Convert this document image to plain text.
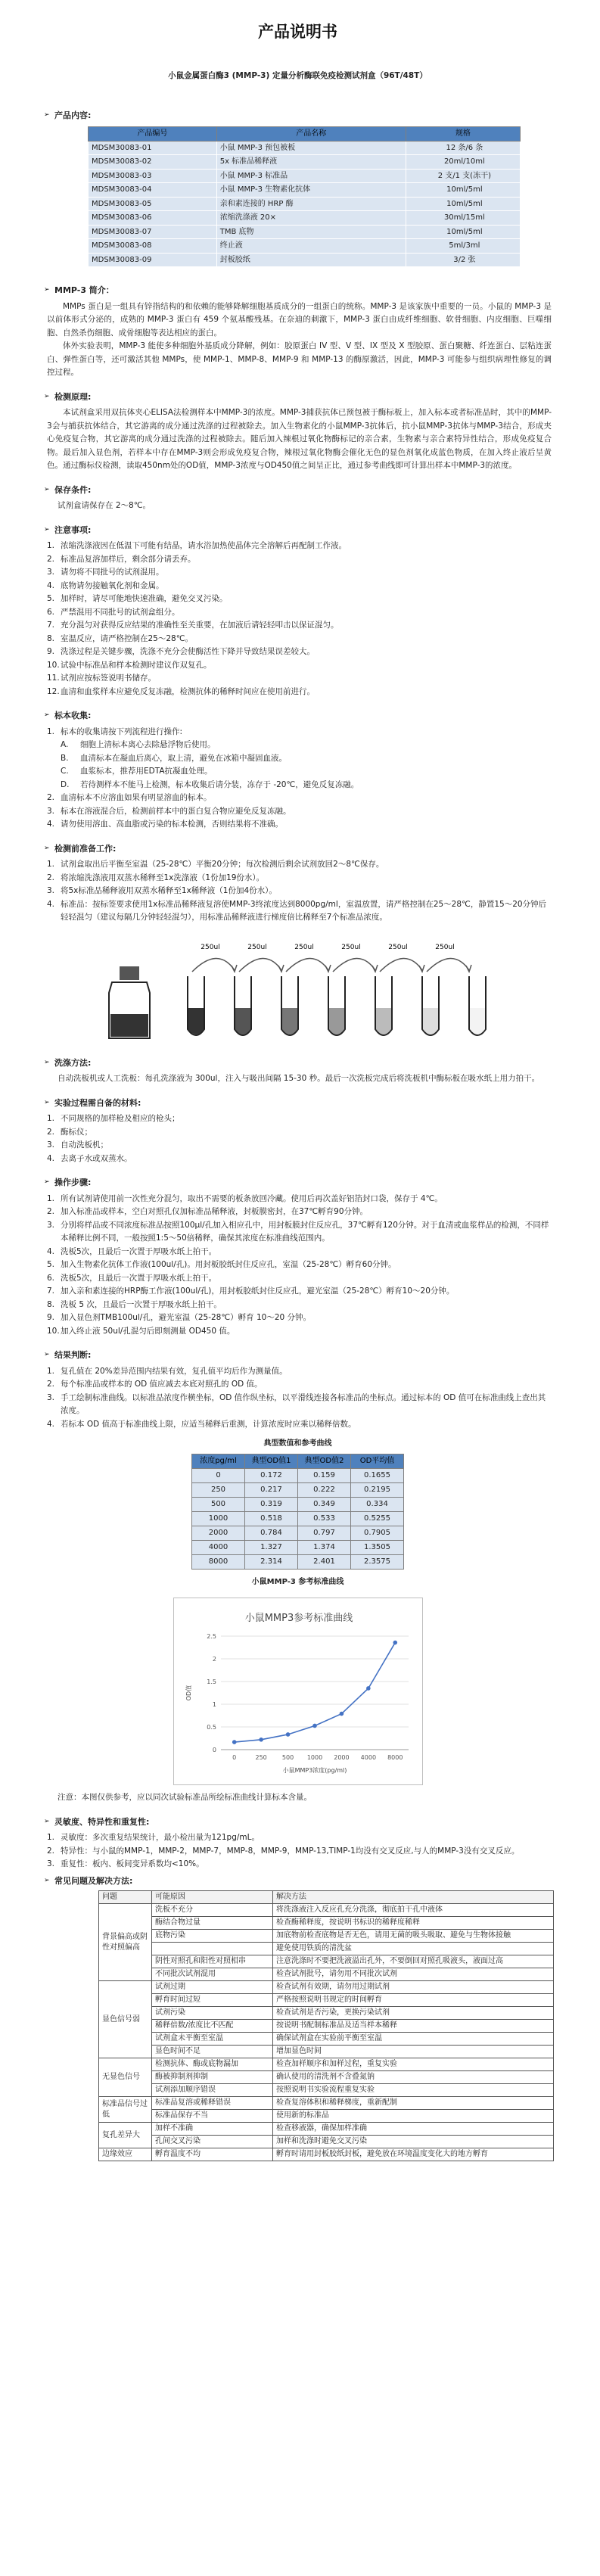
产品说明书
小鼠金属蛋白酶3 (MMP-3) 定量分析酶联免疫检测试剂盒（96T/48T）
➢ 产品内容:
产品编号	产品名称	规格
MDSM30083-01	小鼠 MMP-3 预包被板	12 条/6 条
MDSM30083-02	5x 标准品稀释液	20ml/10ml
MDSM30083-03	小鼠 MMP-3 标准品	2 支/1 支(冻干)
MDSM30083-04	小鼠 MMP-3 生物素化抗体	10ml/5ml
MDSM30083-05	亲和素连接的 HRP 酶	10ml/5ml
MDSM30083-06	浓缩洗涤液 20×	30ml/15ml
MDSM30083-07	TMB 底物	10ml/5ml
MDSM30083-08	终止液	5ml/3ml
MDSM30083-09	封板胶纸	3/2 张
➢ MMP-3 简介：
MMPs 蛋白是一组具有锌指结构的和依赖的能够降解细胞基质成分的一组蛋白的统称。MMP-3 是该家族中重要的一员。小鼠的 MMP-3 是以前体形式分泌的，成熟的 MMP-3 蛋白有 459 个氨基酸残基。在奈迪的刺激下，MMP-3 蛋白由成纤维细胞、软骨细胞、内皮细胞、巨噬细胞、自然杀伤细胞、成骨细胞等表达相应的蛋白。
体外实验表明，MMP-3 能使多种细胞外基质成分降解，例如：胶原蛋白 IV 型、V 型、IX 型及 X 型胶原、蛋白聚糖、纤连蛋白、层粘连蛋白、弹性蛋白等，还可激活其他 MMPs，使 MMP-1、MMP-8、MMP-9 和 MMP-13 的酶原激活，因此，MMP-3 可能参与组织病理性修复的调控过程。
➢ 检测原理:
本试剂盒采用双抗体夹心ELISA法检测样本中MMP-3的浓度。MMP-3捕获抗体已预包被于酶标板上，加入标本或者标准品时，其中的MMP-3会与捕获抗体结合，其它游离的成分通过洗涤的过程被除去。加入生物素化的小鼠MMP-3抗体后，抗小鼠MMP-3抗体与MMP-3结合，形成夹心免疫复合物，其它游离的成分通过洗涤的过程被除去。随后加入辣根过氧化物酶标记的亲合素，生物素与亲合素特异性结合，形成免疫复合物。最后加入显色剂，若样本中存在MMP-3则会形成免疫复合物，辣根过氧化物酶会催化无色的显色剂氧化成蓝色物质，在加入终止液后呈黄色。通过酶标仪检测，读取450nm处的OD值，MMP-3浓度与OD450值之间呈正比，通过参考曲线即可计算出样本中MMP-3的浓度。
➢ 保存条件:
试剂盒请保存在 2～8℃。
➢ 注意事项:
1. 浓缩洗涤液因在低温下可能有结晶，请水浴加热使晶体完全溶解后再配制工作液。
2. 标准品复溶加样后，剩余部分请丢弃。
3. 请勿将不同批号的试剂混用。
4. 底物请勿接触氧化剂和金属。
5. 加样时，请尽可能地快速准确，避免交叉污染。
6. 严禁混用不同批号的试剂盒组分。
7. 充分混匀对获得反应结果的准确性至关重要，在加液后请轻轻叩击以保证混匀。
8. 室温反应，请严格控制在25～28℃。
9. 洗涤过程是关键步骤，洗涤不充分会使酶活性下降并导致结果误差较大。
10. 试验中标准品和样本检测时建议作双复孔。
11. 试剂应按标签说明书储存。
12. 血清和血浆样本应避免反复冻融，检测抗体的稀释时间应在使用前进行。
➢ 标本收集:
1. 标本的收集请按下列流程进行操作:
A. 细胞上清标本离心去除悬浮物后使用。
B. 血清标本在凝血后离心，取上清，避免在冰箱中凝固血液。
C. 血浆标本，推荐用EDTA抗凝血处理。
D. 若待测样本不能马上检测，标本收集后请分装，冻存于 -20℃，避免反复冻融。
2. 血清标本不应溶血如果有明显溶血的标本。
3. 标本在溶液混合后，检测前样本中的蛋白复合物应避免反复冻融。
4. 请勿使用溶血、高血脂或污染的标本检测，否则结果将不准确。
➢ 检测前准备工作:
1. 试剂盒取出后平衡至室温（25-28℃）平衡20分钟；每次检测后剩余试剂放回2～8℃保存。
2. 将浓缩洗涤液用双蒸水稀释至1x洗涤液（1份加19份水）。
3. 将5x标准品稀释液用双蒸水稀释至1x稀释液（1份加4份水）。
4. 标准品：按标签要求使用1x标准品稀释液复溶使MMP-3终浓度达到8000pg/ml，室温放置，请严格控制在25～28℃，静置15～20分钟后轻轻混匀（建议每隔几分钟轻轻混匀），用标准品稀释液进行梯度倍比稀释至7个标准品浓度。
250ul	250ul	250ul	250ul	250ul	250ul
➢ 洗涤方法:
自动洗板机或人工洗板：每孔洗涤液为 300ul，注入与吸出间隔 15-30 秒。最后一次洗板完成后将洗板机中酶标板在吸水纸上用力拍干。
➢ 实验过程需自备的材料:
1. 不同规格的加样枪及相应的枪头；
2. 酶标仪；
3. 自动洗板机；
4. 去离子水或双蒸水。
➢ 操作步骤:
1. 所有试剂请使用前一次性充分混匀，取出不需要的板条放回冷藏。使用后再次盖好铝箔封口袋，保存于 4℃。
2. 加入标准品或样本，空白对照孔仅加标准品稀释液，封板膜密封，在37℃孵育90分钟。
3. 分别将样品或不同浓度标准品按照100μl/孔加入相应孔中，用封板膜封住反应孔，37℃孵育120分钟。对于血清或血浆样品的检测，不同样本稀释比例不同，一般按照1:5～50倍稀释，确保其浓度在标准曲线范围内。
4. 洗板5次，且最后一次置于厚吸水纸上拍干。
5. 加入生物素化抗体工作液(100ul/孔)。用封板胶纸封住反应孔，室温（25-28℃）孵育60分钟。
6. 洗板5次，且最后一次置于厚吸水纸上拍干。
7. 加入亲和素连接的HRP酶工作液(100ul/孔)，用封板胶纸封住反应孔，避光室温（25-28℃）孵育10～20分钟。
8. 洗板 5 次，且最后一次置于厚吸水纸上拍干。
9. 加入显色剂TMB100ul/孔，避光室温（25-28℃）孵育 10～20 分钟。
10. 加入终止液 50ul/孔混匀后即刻测量 OD450 值。
➢ 结果判断:
1. 复孔值在 20%差异范围内结果有效，复孔值平均后作为测量值。
2. 每个标准品或样本的 OD 值应减去本底对照孔的 OD 值。
3. 手工绘制标准曲线。以标准品浓度作横坐标，OD 值作纵坐标，以平滑线连接各标准品的坐标点。通过标本的 OD 值可在标准曲线上查出其浓度。
4. 若标本 OD 值高于标准曲线上限，应适当稀释后重测，计算浓度时应乘以稀释倍数。
典型数值和参考曲线
浓度pg/ml	典型OD值1	典型OD值2	OD平均值
0	0.172	0.159	0.1655
250	0.217	0.222	0.2195
500	0.319	0.349	0.334
1000	0.518	0.533	0.5255
2000	0.784	0.797	0.7905
4000	1.327	1.374	1.3505
8000	2.314	2.401	2.3575
小鼠MMP-3 参考标准曲线
小鼠MMP3参考标准曲线
0
0.5
1
1.5
2
2.5
0	250	500 1000 2000 4000 8000
小鼠MMP3浓度(pg/ml)
OD值
注意：本图仅供参考，应以同次试验标准品所绘标准曲线计算标本含量。
➢ 灵敏度、特异性和重复性:
1. 灵敏度：多次重复结果统计，最小检出量为121pg/mL。
2. 特异性：与小鼠的MMP-1，MMP-2，MMP-7，MMP-8，MMP-9，MMP-13,TIMP-1均没有交叉反应,与人的MMP-3没有交叉反应。
3. 重复性：板内、板间变异系数均<10%。
➢ 常见问题及解决方法:
问题	可能原因	解决方法
背景偏高或阴性对照偏高	洗板不充分	将洗涤液注入反应孔充分洗涤，彻底拍干孔中液体
	酶结合物过量	检查酶稀释度，按说明书标识的稀释度稀释
	底物污染	加底物前检查底物是否无色，请用无菌的吸头吸取、避免与生物体接触
		避免使用铁质的清洗盆
	阴性对照孔和阳性对照相串	注意洗涤时不要把洗液溢出孔外，不要倒回对照孔吸液头，液面过高
	不同批次试剂混用	检查试剂批号，请勿用不同批次试剂
显色信号弱	试剂过期	检查试剂有效期，请勿用过期试剂
	孵育时间过短	严格按照说明书规定的时间孵育
	试剂污染	检查试剂是否污染，更换污染试剂
	稀释倍数/浓度比不匹配	按说明书配制标准品及适当样本稀释
	试剂盒未平衡至室温	确保试剂盒在实验前平衡至室温
	显色时间不足	增加显色时间
无显色信号	检测抗体、酶或底物漏加	检查加样顺序和加样过程，重复实验
	酶被抑制剂抑制	确认使用的清洗剂不含叠氮钠
	试剂添加顺序错误	按照说明书实验流程重复实验
标准品信号过低	标准品复溶或稀释错误	检查复溶体积和稀释梯度，重新配制
	标准品保存不当	使用新的标准品
复孔差异大	加样不准确	检查移液器，确保加样准确
	孔间交叉污染	加样和洗涤时避免交叉污染
边缘效应	孵育温度不均	孵育时请用封板胶纸封板，避免放在环境温度变化大的地方孵育
